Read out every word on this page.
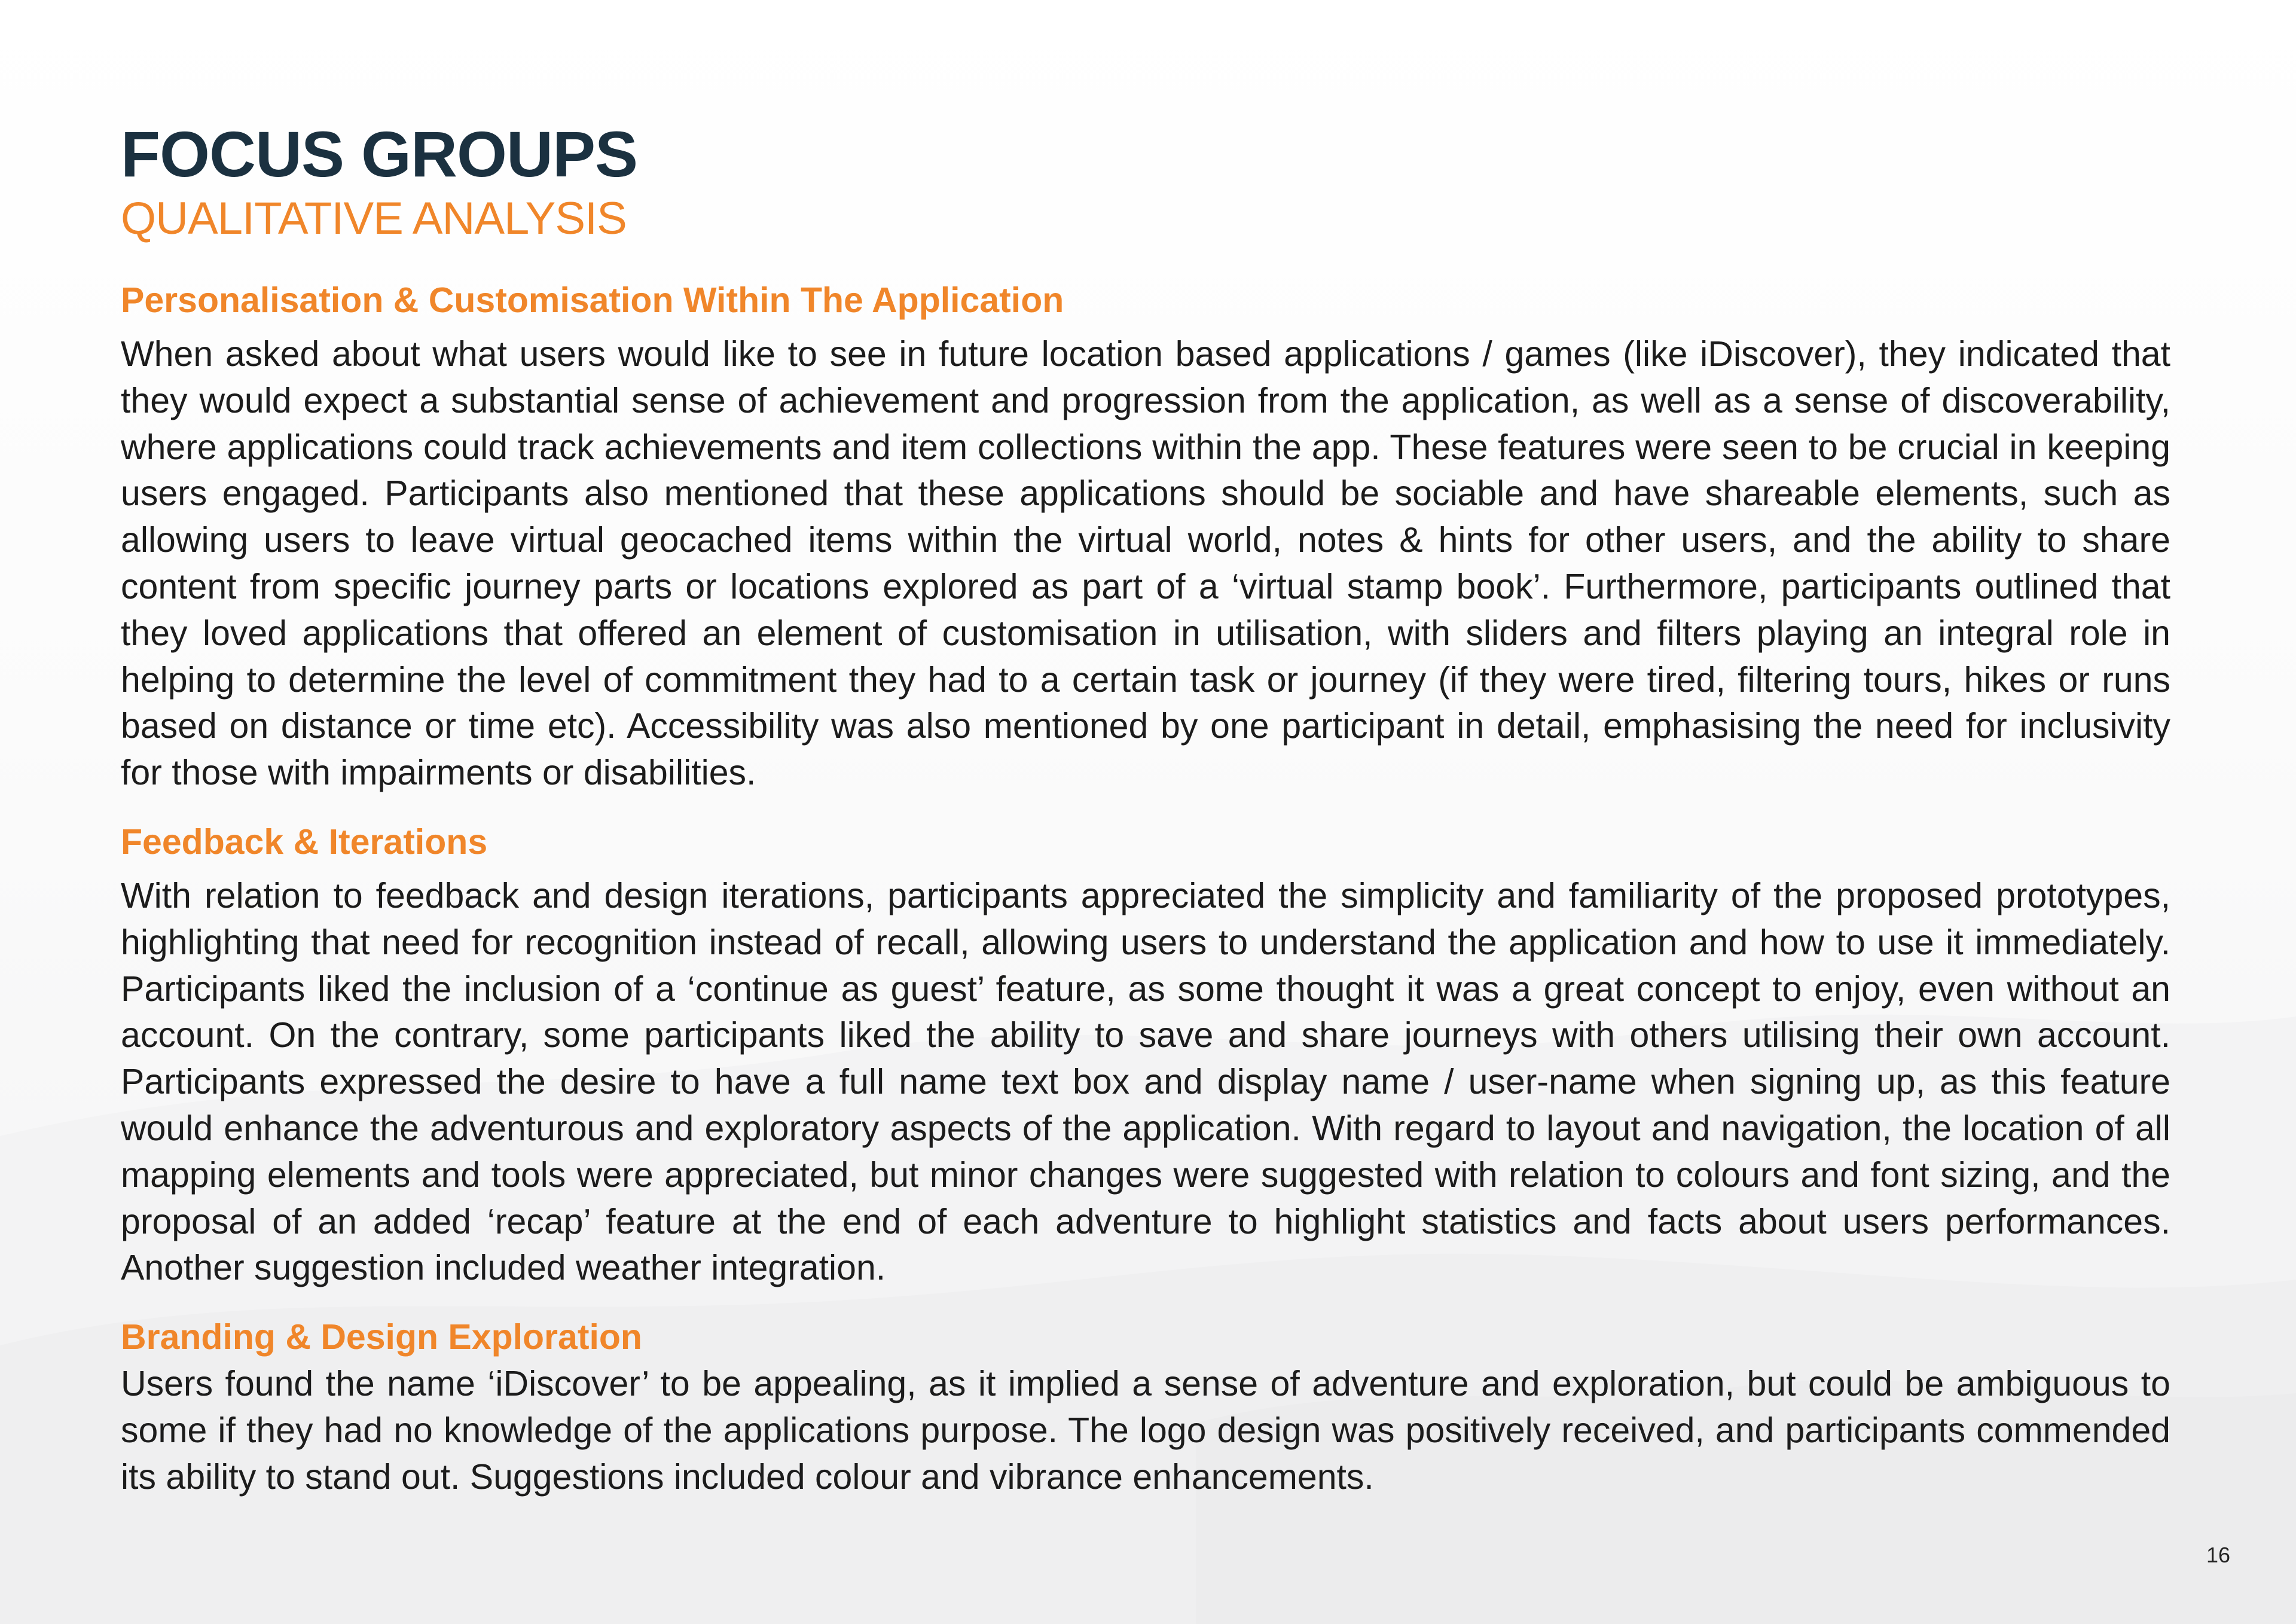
FOCUS GROUPS
QUALITATIVE ANALYSIS
Personalisation & Customisation Within The Application

When asked about what users would like to see in future location based applications / games (like iDiscover), they indicated that they would expect a substantial sense of achievement and progression from the application, as well as a sense of discoverability, where applications could track achievements and item collections within the app. These features were seen to be crucial in keeping users engaged. Participants also mentioned that these applications should be sociable and have shareable elements, such as allowing users to leave virtual geocached items within the virtual world, notes & hints for other users, and the ability to share content from specific journey parts or locations explored as part of a ‘virtual stamp book’. Furthermore, participants outlined that they loved applications that offered an element of customisation in utilisation, with sliders and filters playing an integral role in helping to determine the level of commitment they had to a certain task or journey (if they were tired, filtering tours, hikes or runs based on distance or time etc). Accessibility was also mentioned by one participant in detail, emphasising the need for inclusivity for those with impairments or disabilities.

Feedback & Iterations

With relation to feedback and design iterations, participants appreciated the simplicity and familiarity of the proposed prototypes, highlighting that need for recognition instead of recall, allowing users to understand the application and how to use it immediately. Participants liked the inclusion of a ‘continue as guest’ feature, as some thought it was a great concept to enjoy, even without an account. On the contrary, some participants liked the ability to save and share journeys with others utilising their own account. Participants expressed the desire to have a full name text box and display name / user-name when signing up, as this feature would enhance the adventurous and exploratory aspects of the application. With regard to layout and navigation, the location of all mapping elements and tools were appreciated, but minor changes were suggested with relation to colours and font sizing, and the proposal of an added ‘recap’ feature at the end of each adventure to highlight statistics and facts about users performances. Another suggestion included weather integration.

Branding & Design Exploration

Users found the name ‘iDiscover’ to be appealing, as it implied a sense of adventure and exploration, but could be ambiguous to some if they had no knowledge of the applications purpose. The logo design was positively received, and participants commended its ability to stand out. Suggestions included colour and vibrance enhancements.

16
